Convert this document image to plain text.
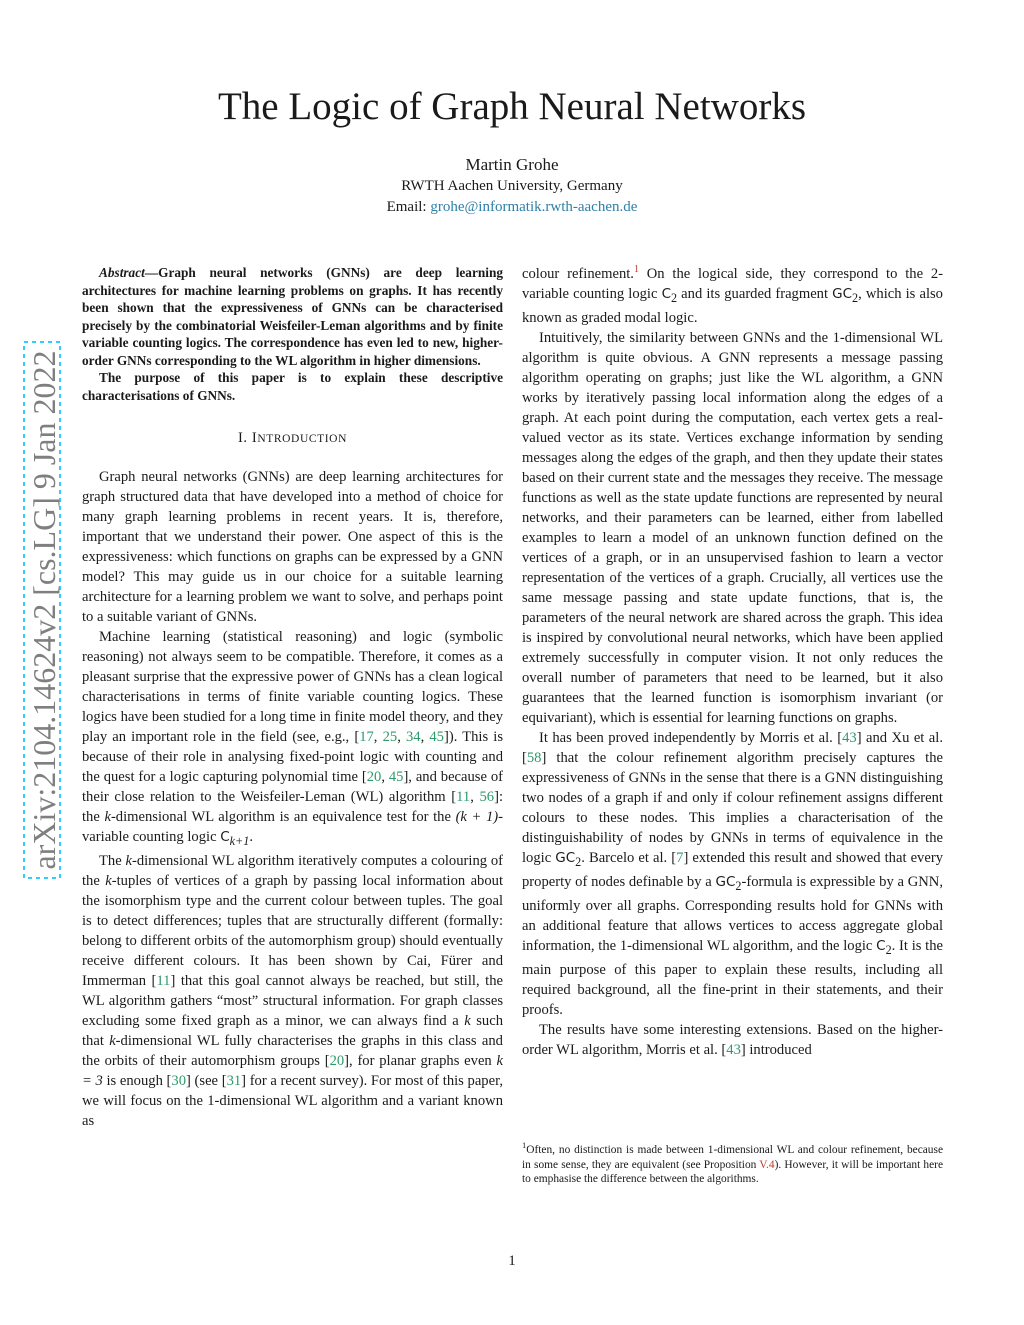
arXiv:2104.14624v2 [cs.LG] 9 Jan 2022
The Logic of Graph Neural Networks
Martin Grohe
RWTH Aachen University, Germany
Email: grohe@informatik.rwth-aachen.de

Abstract—Graph neural networks (GNNs) are deep learning architectures for machine learning problems on graphs. It has recently been shown that the expressiveness of GNNs can be characterised precisely by the combinatorial Weisfeiler-Leman algorithms and by finite variable counting logics. The correspondence has even led to new, higher-order GNNs corresponding to the WL algorithm in higher dimensions.

The purpose of this paper is to explain these descriptive characterisations of GNNs.

I. INTRODUCTION

Graph neural networks (GNNs) are deep learning architectures for graph structured data that have developed into a method of choice for many graph learning problems in recent years. It is, therefore, important that we understand their power. One aspect of this is the expressiveness: which functions on graphs can be expressed by a GNN model? This may guide us in our choice for a suitable learning architecture for a learning problem we want to solve, and perhaps point to a suitable variant of GNNs.

Machine learning (statistical reasoning) and logic (symbolic reasoning) not always seem to be compatible. Therefore, it comes as a pleasant surprise that the expressive power of GNNs has a clean logical characterisations in terms of finite variable counting logics. These logics have been studied for a long time in finite model theory, and they play an important role in the field (see, e.g., [17, 25, 34, 45]). This is because of their role in analysing fixed-point logic with counting and the quest for a logic capturing polynomial time [20, 45], and because of their close relation to the Weisfeiler-Leman (WL) algorithm [11, 56]: the k-dimensional WL algorithm is an equivalence test for the (k + 1)-variable counting logic $C_{k+1}$.

The k-dimensional WL algorithm iteratively computes a colouring of the k-tuples of vertices of a graph by passing local information about the isomorphism type and the current colour between tuples. The goal is to detect differences; tuples that are structurally different (formally: belong to different orbits of the automorphism group) should eventually receive different colours. It has been shown by Cai, Fürer and Immerman [11] that this goal cannot always be reached, but still, the WL algorithm gathers “most” structural information. For graph classes excluding some fixed graph as a minor, we can always find a k such that k-dimensional WL fully characterises the graphs in this class and the orbits of their automorphism groups [20], for planar graphs even k = 3 is enough [30] (see [31] for a recent survey). For most of this paper, we will focus on the 1-dimensional WL algorithm and a variant known as

colour refinement.$^1$ On the logical side, they correspond to the 2-variable counting logic $C_2$ and its guarded fragment $GC_2$, which is also known as graded modal logic.

Intuitively, the similarity between GNNs and the 1-dimensional WL algorithm is quite obvious. A GNN represents a message passing algorithm operating on graphs; just like the WL algorithm, a GNN works by iteratively passing local information along the edges of a graph. At each point during the computation, each vertex gets a real-valued vector as its state. Vertices exchange information by sending messages along the edges of the graph, and then they update their states based on their current state and the messages they receive. The message functions as well as the state update functions are represented by neural networks, and their parameters can be learned, either from labelled examples to learn a model of an unknown function defined on the vertices of a graph, or in an unsupervised fashion to learn a vector representation of the vertices of a graph. Crucially, all vertices use the same message passing and state update functions, that is, the parameters of the neural network are shared across the graph. This idea is inspired by convolutional neural networks, which have been applied extremely successfully in computer vision. It not only reduces the overall number of parameters that need to be learned, but it also guarantees that the learned function is isomorphism invariant (or equivariant), which is essential for learning functions on graphs.

It has been proved independently by Morris et al. [43] and Xu et al. [58] that the colour refinement algorithm precisely captures the expressiveness of GNNs in the sense that there is a GNN distinguishing two nodes of a graph if and only if colour refinement assigns different colours to these nodes. This implies a characterisation of the distinguishability of nodes by GNNs in terms of equivalence in the logic $GC_2$. Barcelo et al. [7] extended this result and showed that every property of nodes definable by a $GC_2$-formula is expressible by a GNN, uniformly over all graphs. Corresponding results hold for GNNs with an additional feature that allows vertices to access aggregate global information, the 1-dimensional WL algorithm, and the logic $C_2$. It is the main purpose of this paper to explain these results, including all required background, all the fine-print in their statements, and their proofs.

The results have some interesting extensions. Based on the higher-order WL algorithm, Morris et al. [43] introduced

$^1$Often, no distinction is made between 1-dimensional WL and colour refinement, because in some sense, they are equivalent (see Proposition V.4). However, it will be important here to emphasise the difference between the algorithms.
1
